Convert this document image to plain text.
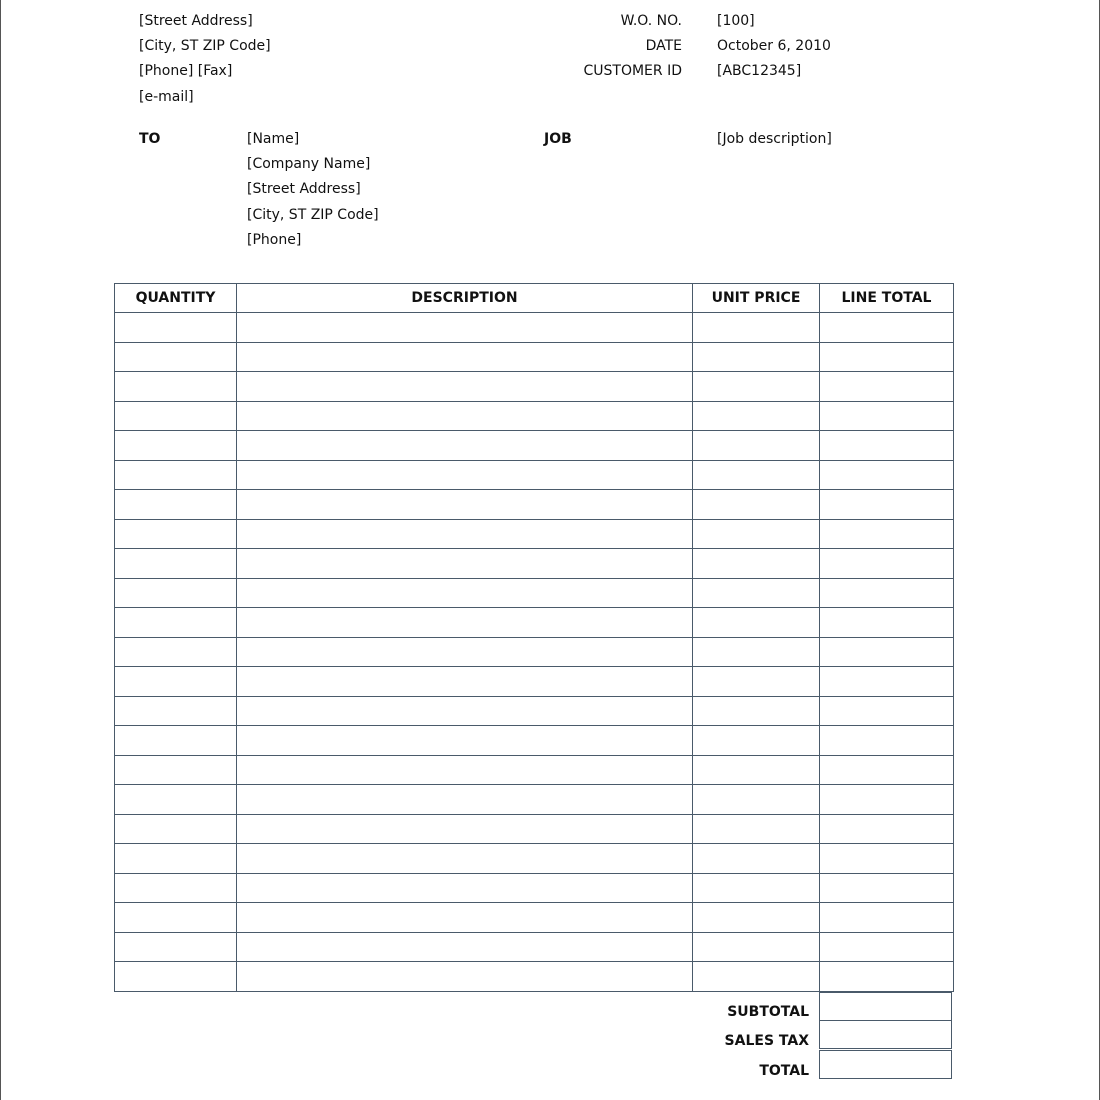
[Street Address]
[City, ST ZIP Code]
[Phone] [Fax]
[e-mail]
W.O. NO.	[100]
DATE	October 6, 2010
CUSTOMER ID	[ABC12345]
TO	[Name]
[Company Name]
[Street Address]
[City, ST ZIP Code]
[Phone]
JOB	[Job description]
QUANTITY	DESCRIPTION	UNIT PRICE	LINE TOTAL

SUBTOTAL
SALES TAX
TOTAL
